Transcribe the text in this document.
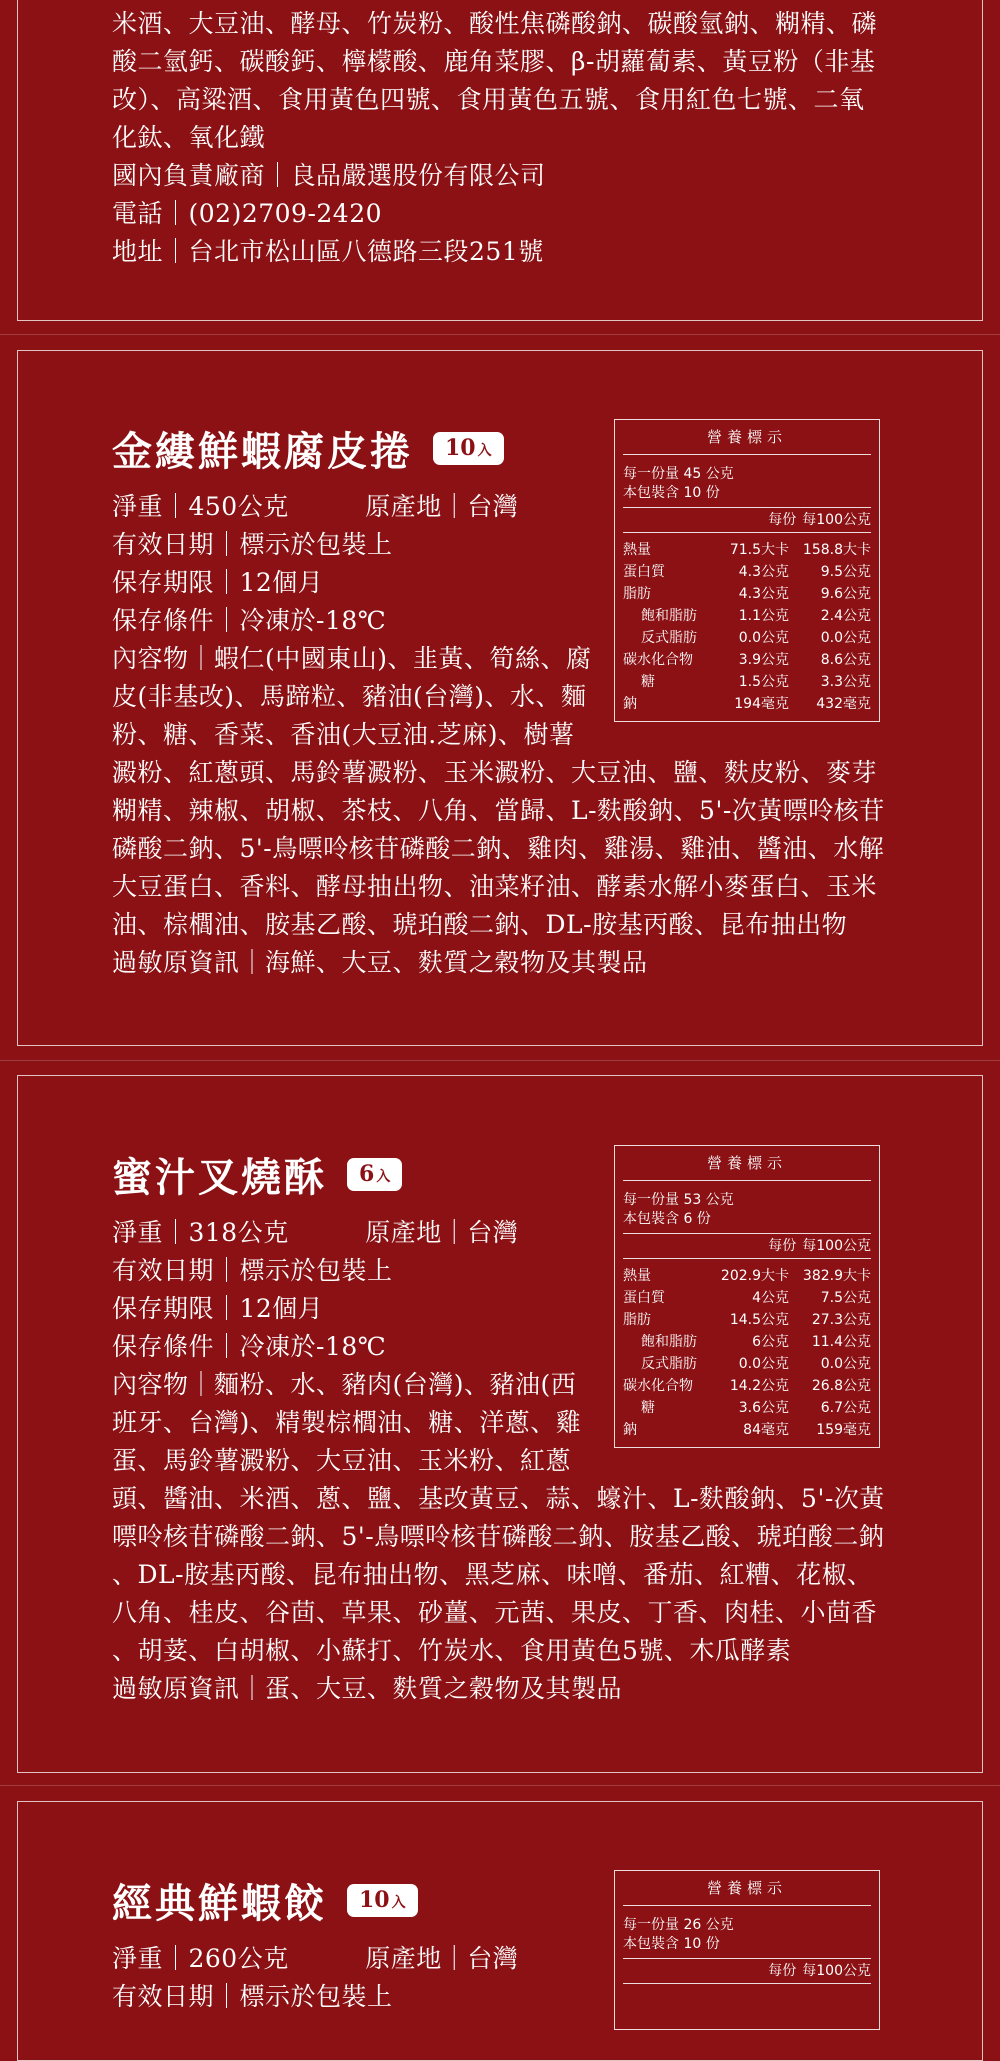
米酒、大豆油、酵母、竹炭粉、酸性焦磷酸鈉、碳酸氫鈉、糊精、磷
酸二氫鈣、碳酸鈣、檸檬酸、鹿角菜膠、β-胡蘿蔔素、黃豆粉（非基
改）、高粱酒、食用黃色四號、食用黃色五號、食用紅色七號、二氧
化鈦、氧化鐵
國內負責廠商｜良品嚴選股份有限公司
電話｜(02)2709-2420
地址｜台北市松山區八德路三段251號
金縷鮮蝦腐皮捲	10 入
淨重｜450公克　　　原產地｜台灣
有效日期｜標示於包裝上
保存期限｜12個月
保存條件｜冷凍於-18℃
內容物｜蝦仁(中國東山)、韭黃、筍絲、腐
皮(非基改)、馬蹄粒、豬油(台灣)、水、麵
粉、糖、香菜、香油(大豆油.芝麻)、樹薯
澱粉、紅蔥頭、馬鈴薯澱粉、玉米澱粉、大豆油、鹽、麩皮粉、麥芽
糊精、辣椒、胡椒、茶枝、八角、當歸、L-麩酸鈉、5'-次黃嘌呤核苷
磷酸二鈉、5'-鳥嘌呤核苷磷酸二鈉、雞肉、雞湯、雞油、醬油、水解
大豆蛋白、香料、酵母抽出物、油菜籽油、酵素水解小麥蛋白、玉米
油、棕櫚油、胺基乙酸、琥珀酸二鈉、DL-胺基丙酸、昆布抽出物
過敏原資訊｜海鮮、大豆、麩質之穀物及其製品
營養標示
每一份量 45 公克
本包裝含 10 份
每份 每100公克
熱量	71.5大卡 158.8大卡
蛋白質	4.3公克	9.5公克
脂肪	4.3公克	9.6公克
飽和脂肪	1.1公克	2.4公克
反式脂肪	0.0公克	0.0公克
碳水化合物	3.9公克	8.6公克
糖	1.5公克	3.3公克
鈉	194毫克	432毫克
蜜汁叉燒酥	6 入
淨重｜318公克　　　原產地｜台灣
有效日期｜標示於包裝上
保存期限｜12個月
保存條件｜冷凍於-18℃
內容物｜麵粉、水、豬肉(台灣)、豬油(西
班牙、台灣)、精製棕櫚油、糖、洋蔥、雞
蛋、馬鈴薯澱粉、大豆油、玉米粉、紅蔥
頭、醬油、米酒、蔥、鹽、基改黃豆、蒜、蠔汁、L-麩酸鈉、5'-次黃
嘌呤核苷磷酸二鈉、5'-鳥嘌呤核苷磷酸二鈉、胺基乙酸、琥珀酸二鈉
、DL-胺基丙酸、昆布抽出物、黑芝麻、味噌、番茄、紅糟、花椒、
八角、桂皮、谷茴、草果、砂薑、元茜、果皮、丁香、肉桂、小茴香
、胡荽、白胡椒、小蘇打、竹炭水、食用黃色5號、木瓜酵素
過敏原資訊｜蛋、大豆、麩質之穀物及其製品
營養標示
每一份量 53 公克
本包裝含 6 份
每份 每100公克
熱量	202.9大卡 382.9大卡
蛋白質	4公克	7.5公克
脂肪	14.5公克	27.3公克
飽和脂肪	6公克	11.4公克
反式脂肪	0.0公克	0.0公克
碳水化合物	14.2公克	26.8公克
糖	3.6公克	6.7公克
鈉	84毫克	159毫克
經典鮮蝦餃	10 入
淨重｜260公克　　　原產地｜台灣
有效日期｜標示於包裝上
營養標示
每一份量 26 公克
本包裝含 10 份
每份 每100公克
